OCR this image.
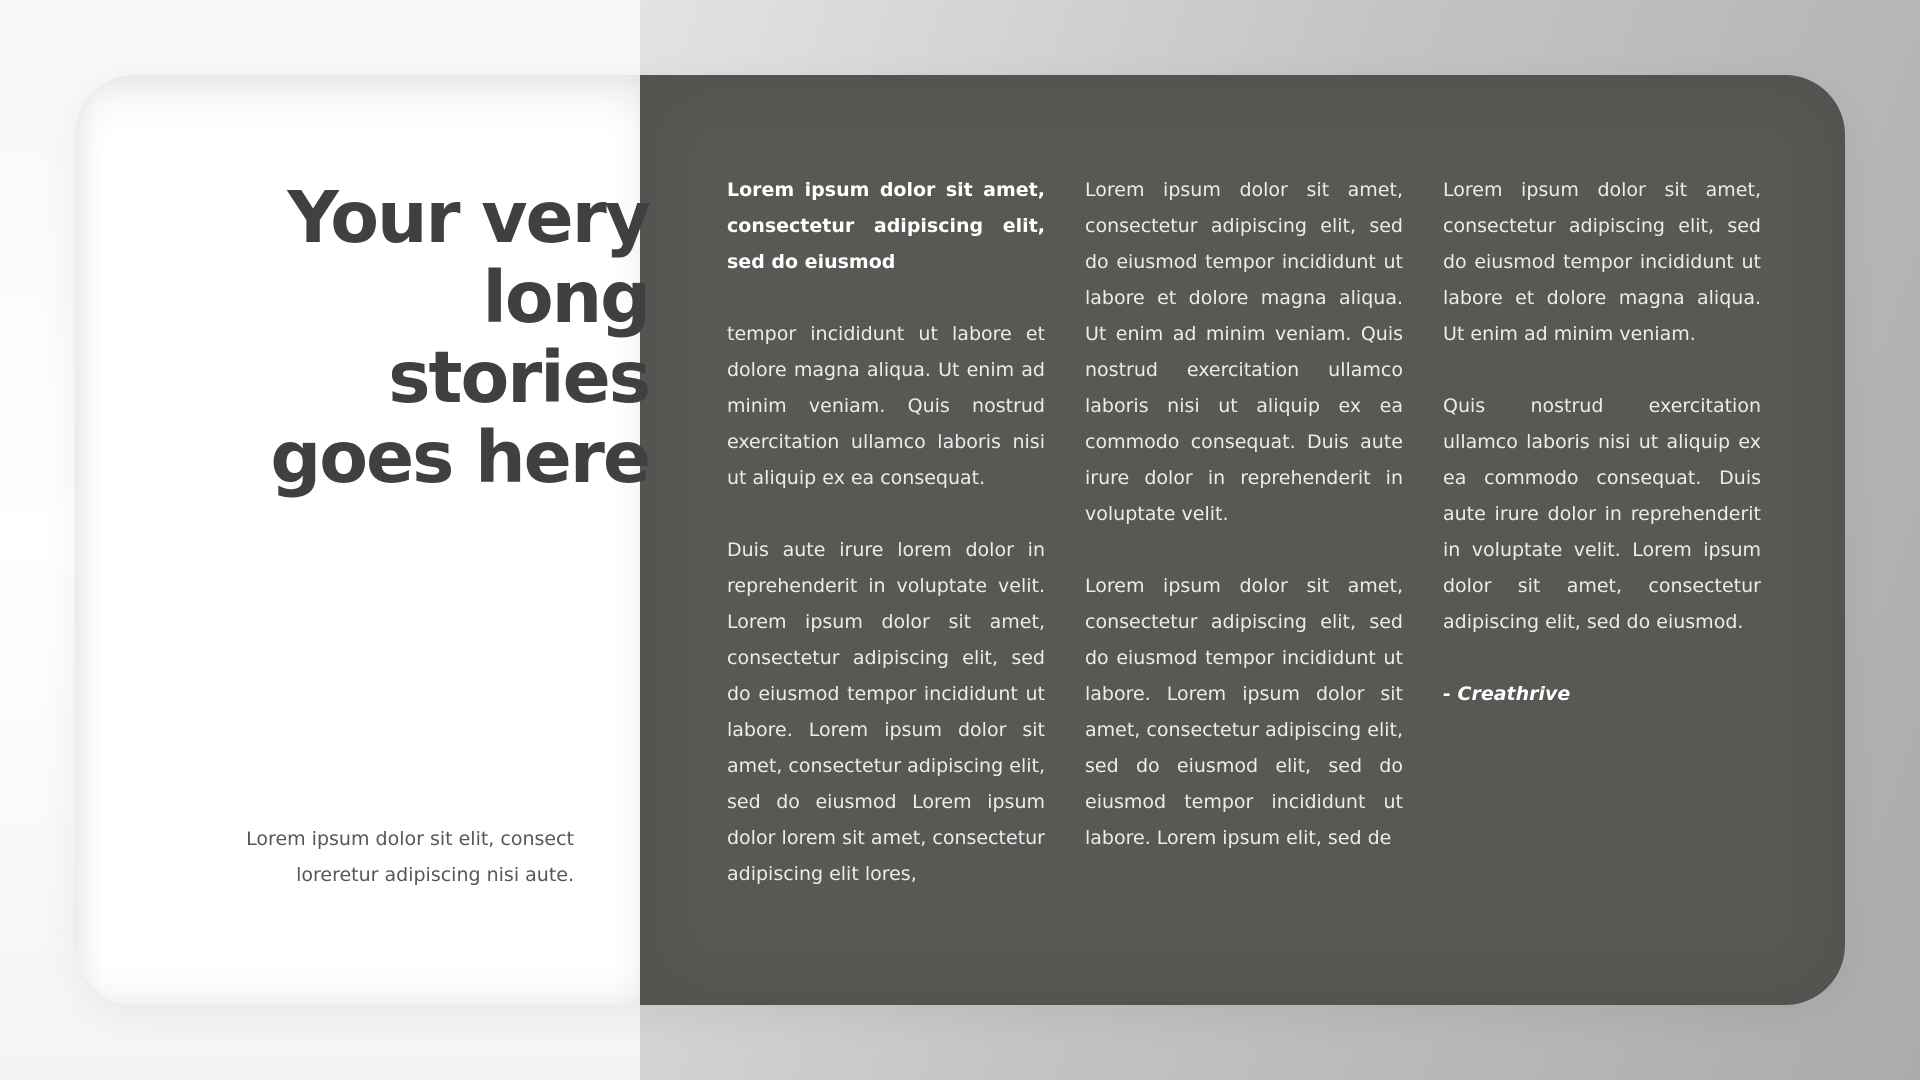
Your very long stories goes here

Lorem ipsum dolor sit elit, consect loreretur adipiscing nisi aute.

Lorem ipsum dolor sit amet, consectetur adipiscing elit, sed do eiusmod

tempor incididunt ut labore et dolore magna aliqua. Ut enim ad minim veniam. Quis nostrud exercitation ullamco laboris nisi ut aliquip ex ea consequat.

Duis aute irure lorem dolor in reprehenderit in voluptate velit. Lorem ipsum dolor sit amet, consectetur adipiscing elit, sed do eiusmod tempor incididunt ut labore. Lorem ipsum dolor sit amet, consectetur adipiscing elit, sed do eiusmod Lorem ipsum dolor lorem sit amet, consectetur adipiscing elit lores,

Lorem ipsum dolor sit amet, consectetur adipiscing elit, sed do eiusmod tempor incididunt ut labore et dolore magna aliqua. Ut enim ad minim veniam. Quis nostrud exercitation ullamco laboris nisi ut aliquip ex ea commodo consequat. Duis aute irure dolor in reprehenderit in voluptate velit.

Lorem ipsum dolor sit amet, consectetur adipiscing elit, sed do eiusmod tempor incididunt ut labore. Lorem ipsum dolor sit amet, consectetur adipiscing elit, sed do eiusmod elit, sed do eiusmod tempor incididunt ut labore. Lorem ipsum elit, sed de

Lorem ipsum dolor sit amet, consectetur adipiscing elit, sed do eiusmod tempor incididunt ut labore et dolore magna aliqua. Ut enim ad minim veniam.

Quis nostrud exercitation ullamco laboris nisi ut aliquip ex ea commodo consequat. Duis aute irure dolor in reprehenderit in voluptate velit. Lorem ipsum dolor sit amet, consectetur adipiscing elit, sed do eiusmod.

- Creathrive
